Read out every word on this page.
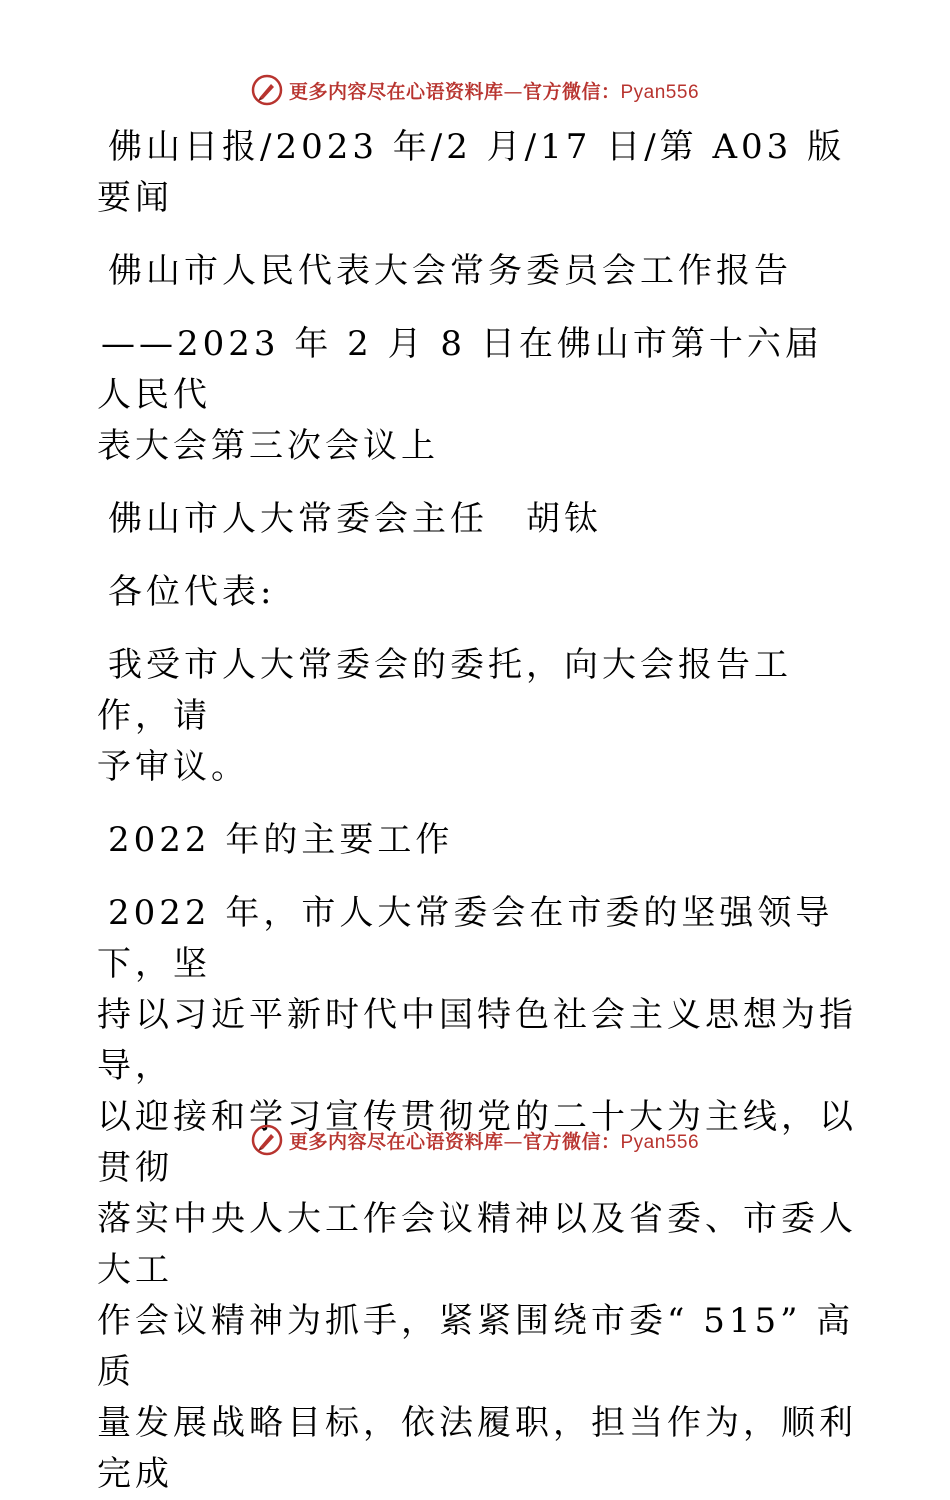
更多内容尽在心语资料库—官方微信：Pyan556

佛山日报/2023 年/2 月/17 日/第 A03 版要闻

佛山市人民代表大会常务委员会工作报告

——2023 年 2 月 8 日在佛山市第十六届人民代

表大会第三次会议上

佛山市人大常委会主任　胡钛

各位代表:

我受市人大常委会的委托，向大会报告工作，请

予审议。

2022 年的主要工作

2022 年，市人大常委会在市委的坚强领导下，坚

持以习近平新时代中国特色社会主义思想为指导，

以迎接和学习宣传贯彻党的二十大为主线，以贯彻

落实中央人大工作会议精神以及省委、市委人大工

作会议精神为抓手，紧紧围绕市委“ 515” 高质

量发展战略目标，依法履职，担当作为，顺利完成

更多内容尽在心语资料库—官方微信：Pyan556
